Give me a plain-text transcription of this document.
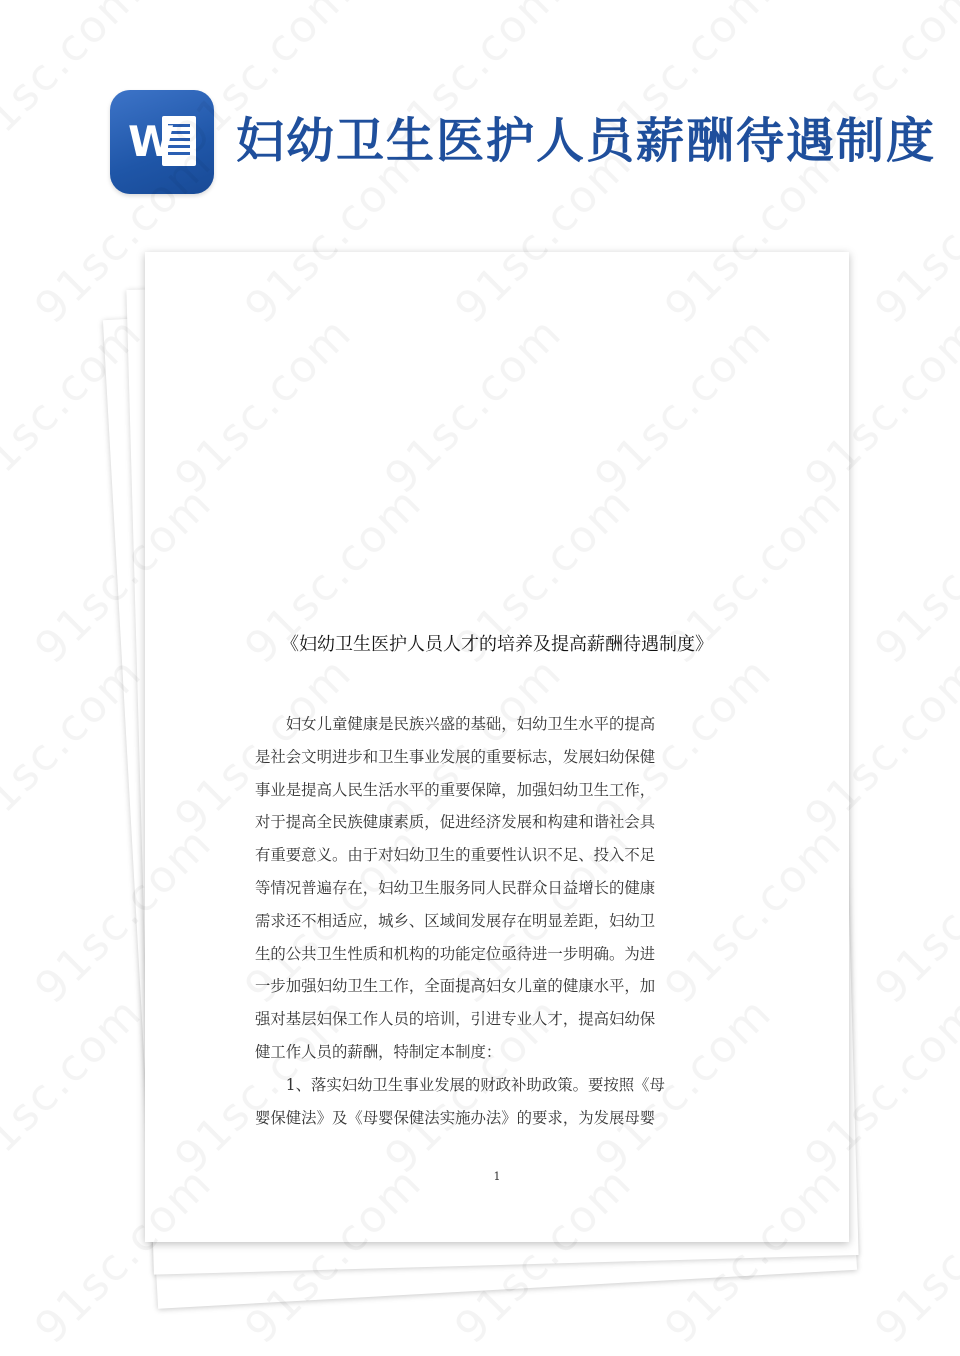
W 妇幼卫生医护人员薪酬待遇制度
《妇幼卫生医护人员人才的培养及提高薪酬待遇制度》
　　妇女儿童健康是民族兴盛的基础，妇幼卫生水平的提高
是社会文明进步和卫生事业发展的重要标志，发展妇幼保健
事业是提高人民生活水平的重要保障，加强妇幼卫生工作，
对于提高全民族健康素质，促进经济发展和构建和谐社会具
有重要意义。由于对妇幼卫生的重要性认识不足、投入不足
等情况普遍存在，妇幼卫生服务同人民群众日益增长的健康
需求还不相适应，城乡、区域间发展存在明显差距，妇幼卫
生的公共卫生性质和机构的功能定位亟待进一步明确。为进
一步加强妇幼卫生工作，全面提高妇女儿童的健康水平，加
强对基层妇保工作人员的培训，引进专业人才，提高妇幼保
健工作人员的薪酬，特制定本制度：
　　1、落实妇幼卫生事业发展的财政补助政策。要按照《母
婴保健法》及《母婴保健法实施办法》的要求，为发展母婴
1
